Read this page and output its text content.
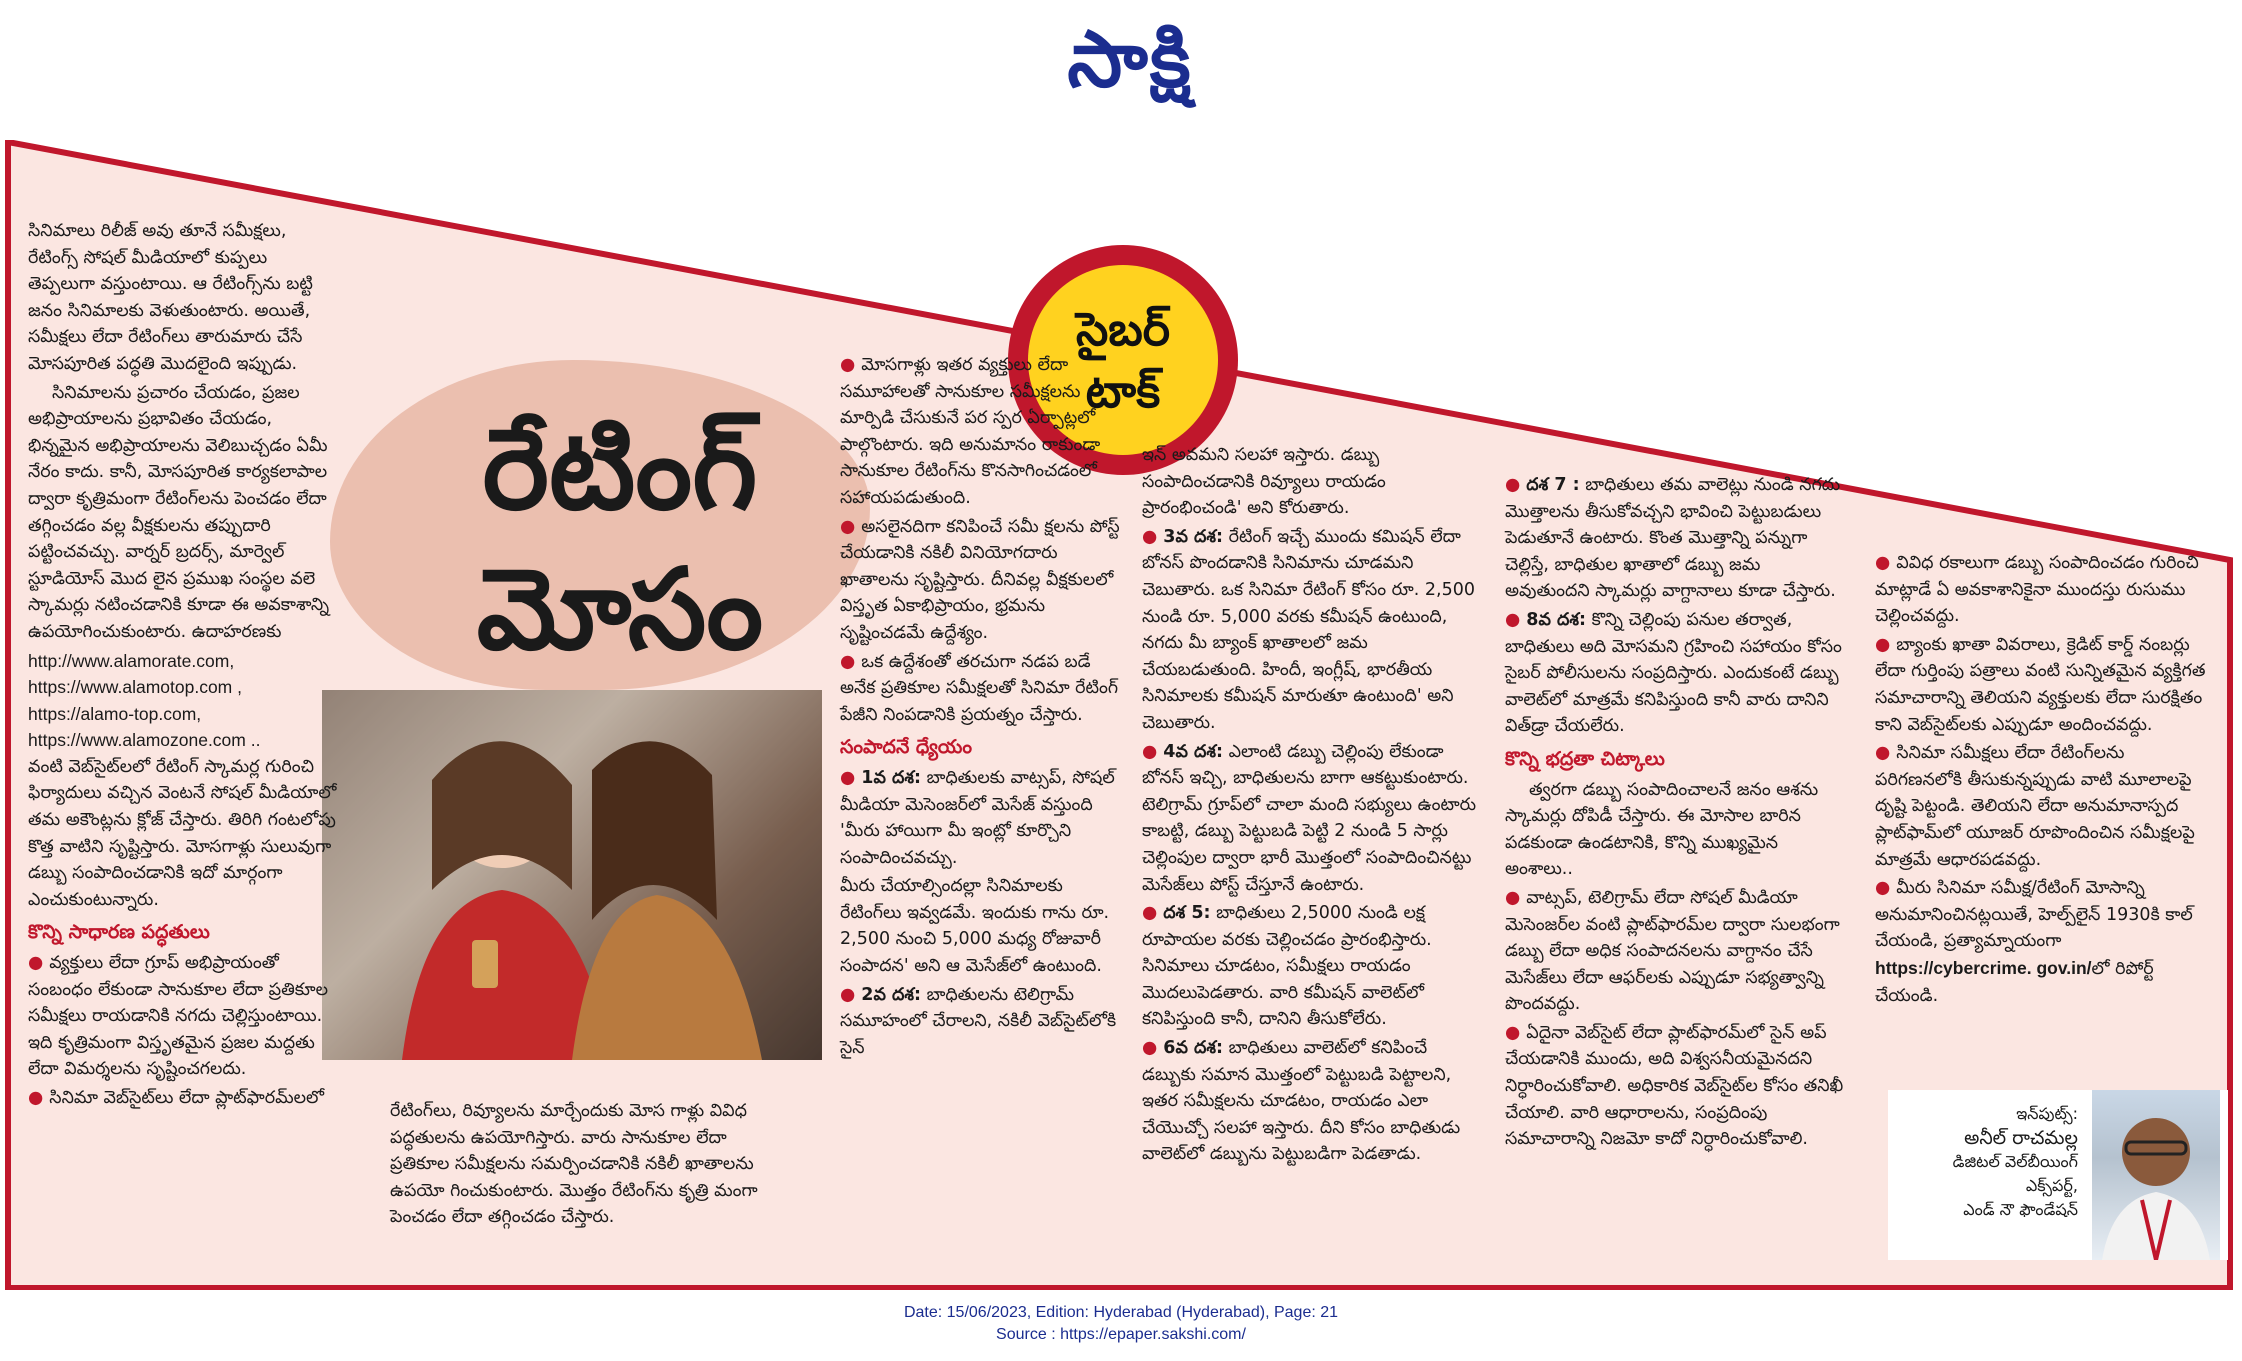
సాక్షి
రేటింగ్
మోసం
సైబర్
టాక్

సినిమాలు రిలీజ్ అవు తూనే సమీక్షలు, రేటింగ్స్ సోషల్ మీడియాలో కుప్పలు తెప్పలుగా వస్తుంటాయి. ఆ రేటింగ్స్‌ను బట్టి జనం సినిమాలకు వెళుతుంటారు. అయితే, సమీక్షలు లేదా రేటింగ్‌లు తారుమారు చేసే మోసపూరిత పద్ధతి మొదలైంది ఇప్పుడు.

సినిమాలను ప్రచారం చేయడం, ప్రజల అభిప్రాయాలను ప్రభావితం చేయడం, భిన్నమైన అభిప్రాయాలను వెలిబుచ్చడం ఏమీ నేరం కాదు. కానీ, మోసపూరిత కార్యకలాపాల ద్వారా కృత్రిమంగా రేటింగ్‌లను పెంచడం లేదా తగ్గించడం వల్ల వీక్షకులను తప్పుదారి పట్టించవచ్చు. వార్నర్ బ్రదర్స్, మార్వెల్ స్టూడియోస్ మొద లైన ప్రముఖ సంస్థల వలె స్కామర్లు నటించడానికి కూడా ఈ అవకాశాన్ని ఉపయోగించుకుంటారు. ఉదాహరణకు

http://www.alamorate.com,
https://www.alamotop.com ,
https://alamo-top.com,
https://www.alamozone.com ..

వంటి వెబ్‌సైట్‌లలో రేటింగ్ స్కామర్ల గురించి ఫిర్యాదులు వచ్చిన వెంటనే సోషల్ మీడియాలో తమ అకౌంట్లను క్లోజ్ చేస్తారు. తిరిగి గంటలోపు కొత్త వాటిని సృష్టిస్తారు. మోసగాళ్లు సులువుగా డబ్బు సంపాదించడానికి ఇదో మార్గంగా ఎంచుకుంటున్నారు.

కొన్ని సాధారణ పద్ధతులు

● వ్యక్తులు లేదా గ్రూప్ అభిప్రాయంతో సంబంధం లేకుండా సానుకూల లేదా ప్రతికూల సమీక్షలు రాయడానికి నగదు చెల్లిస్తుంటాయి. ఇది కృత్రిమంగా విస్తృతమైన ప్రజల మద్దతు లేదా విమర్శలను సృష్టించగలదు.

● సినిమా వెబ్‌సైట్‌లు లేదా ప్లాట్‌ఫారమ్‌లలో

రేటింగ్‌లు, రివ్యూలను మార్చేందుకు మోస గాళ్లు వివిధ పద్ధతులను ఉపయోగిస్తారు. వారు సానుకూల లేదా ప్రతికూల సమీక్షలను సమర్పించడానికి నకిలీ ఖాతాలను ఉపయో గించుకుంటారు. మొత్తం రేటింగ్‌ను కృత్రి మంగా పెంచడం లేదా తగ్గించడం చేస్తారు.

● మోసగాళ్లు ఇతర వ్యక్తులు లేదా సమూహాలతో సానుకూల సమీక్షలను మార్పిడి చేసుకునే పర స్పర ఏర్పాట్లలో పాల్గొంటారు. ఇది అనుమానం రాకుండా సానుకూల రేటింగ్‌ను కొనసాగించడంలో సహాయపడుతుంది.

● అసలైనదిగా కనిపించే సమీ క్షలను పోస్ట్ చేయడానికి నకిలీ వినియోగదారు ఖాతాలను సృష్టిస్తారు. దీనివల్ల వీక్షకులలో విస్తృత ఏకాభిప్రాయం, భ్రమను సృష్టించడమే ఉద్దేశ్యం.

● ఒక ఉద్దేశంతో తరచుగా నడప బడే అనేక ప్రతికూల సమీక్షలతో సినిమా రేటింగ్ పేజీని నింపడానికి ప్రయత్నం చేస్తారు.

సంపాదనే ధ్యేయం

● 1వ దశ: బాధితులకు వాట్సప్, సోషల్ మీడియా మెసెంజర్‌లో మెసేజ్ వస్తుంది 'మీరు హాయిగా మీ ఇంట్లో కూర్చొని సంపాదించవచ్చు.

మీరు చేయాల్సిందల్లా సినిమాలకు రేటింగ్‌లు ఇవ్వడమే. ఇందుకు గాను రూ. 2,500 నుంచి 5,000 మధ్య రోజువారీ సంపాదన' అని ఆ మెసేజ్‌లో ఉంటుంది.

● 2వ దశ: బాధితులను టెలిగ్రామ్ సమూహంలో చేరాలని, నకిలీ వెబ్‌సైట్‌లోకి సైన్

ఇన్ అవమని సలహా ఇస్తారు. డబ్బు సంపాదించడానికి రివ్యూలు రాయడం ప్రారంభించండి' అని కోరుతారు.

● 3వ దశ: రేటింగ్ ఇచ్చే ముందు కమిషన్ లేదా బోనస్ పొందడానికి సినిమాను చూడమని చెబుతారు. ఒక సినిమా రేటింగ్ కోసం రూ. 2,500 నుండి రూ. 5,000 వరకు కమీషన్ ఉంటుంది, నగదు మీ బ్యాంక్ ఖాతాలలో జమ చేయబడుతుంది. హిందీ, ఇంగ్లీష్, భారతీయ సినిమాలకు కమీషన్ మారుతూ ఉంటుంది' అని చెబుతారు.

● 4వ దశ: ఎలాంటి డబ్బు చెల్లింపు లేకుండా బోనస్ ఇచ్చి, బాధితులను బాగా ఆకట్టుకుంటారు. టెలిగ్రామ్ గ్రూప్‌లో చాలా మంది సభ్యులు ఉంటారు కాబట్టి, డబ్బు పెట్టుబడి పెట్టి 2 నుండి 5 సార్లు చెల్లింపుల ద్వారా భారీ మొత్తంలో సంపాదించినట్టు మెసేజ్‌లు పోస్ట్ చేస్తూనే ఉంటారు.

● దశ 5: బాధితులు 2,5000 నుండి లక్ష రూపాయల వరకు చెల్లించడం ప్రారంభిస్తారు. సినిమాలు చూడటం, సమీక్షలు రాయడం మొదలుపెడతారు. వారి కమీషన్ వాలెట్‌లో కనిపిస్తుంది కానీ, దానిని తీసుకోలేరు.

● 6వ దశ: బాధితులు వాలెట్‌లో కనిపించే డబ్బుకు సమాన మొత్తంలో పెట్టుబడి పెట్టాలని, ఇతర సమీక్షలను చూడటం, రాయడం ఎలా చేయొచ్చో సలహా ఇస్తారు. దీని కోసం బాధితుడు వాలెట్‌లో డబ్బును పెట్టుబడిగా పెడతాడు.

● దశ 7 : బాధితులు తమ వాలెట్లు నుండి నగదు మొత్తాలను తీసుకోవచ్చని భావించి పెట్టుబడులు పెడుతూనే ఉంటారు. కొంత మొత్తాన్ని పన్నుగా చెల్లిస్తే, బాధితుల ఖాతాలో డబ్బు జమ అవుతుందని స్కామర్లు వాగ్దానాలు కూడా చేస్తారు.

● 8వ దశ: కొన్ని చెల్లింపు పనుల తర్వాత, బాధితులు అది మోసమని గ్రహించి సహాయం కోసం సైబర్ పోలీసులను సంప్రదిస్తారు. ఎందుకంటే డబ్బు వాలెట్‌లో మాత్రమే కనిపిస్తుంది కానీ వారు దానిని విత్‌డ్రా చేయలేరు.

కొన్ని భద్రతా చిట్కాలు

త్వరగా డబ్బు సంపాదించాలనే జనం ఆశను స్కామర్లు దోపిడీ చేస్తారు. ఈ మోసాల బారిన పడకుండా ఉండటానికి, కొన్ని ముఖ్యమైన అంశాలు..

● వాట్సప్, టెలిగ్రామ్ లేదా సోషల్ మీడియా మెసెంజర్‌ల వంటి ప్లాట్‌ఫారమ్‌ల ద్వారా సులభంగా డబ్బు లేదా అధిక సంపాదనలను వాగ్దానం చేసే మెసేజ్‌లు లేదా ఆఫర్‌లకు ఎప్పుడూ సభ్యత్వాన్ని పొందవద్దు.

● ఏదైనా వెబ్‌సైట్ లేదా ప్లాట్‌ఫారమ్‌లో సైన్ అప్ చేయడానికి ముందు, అది విశ్వసనీయమైనదని నిర్ధారించుకోవాలి. అధికారిక వెబ్‌సైట్‌ల కోసం తనిఖీ చేయాలి. వారి ఆధారాలను, సంప్రదింపు సమాచారాన్ని నిజమో కాదో నిర్ధారించుకోవాలి.

● వివిధ రకాలుగా డబ్బు సంపాదించడం గురించి మాట్లాడే ఏ అవకాశానికైనా ముందస్తు రుసుము చెల్లించవద్దు.

● బ్యాంకు ఖాతా వివరాలు, క్రెడిట్ కార్డ్ నంబర్లు లేదా గుర్తింపు పత్రాలు వంటి సున్నితమైన వ్యక్తిగత సమాచారాన్ని తెలియని వ్యక్తులకు లేదా సురక్షితం కాని వెబ్‌సైట్‌లకు ఎప్పుడూ అందించవద్దు.

● సినిమా సమీక్షలు లేదా రేటింగ్‌లను పరిగణనలోకి తీసుకున్నప్పుడు వాటి మూలాలపై దృష్టి పెట్టండి. తెలియని లేదా అనుమానాస్పద ప్లాట్‌ఫామ్‌లో యూజర్ రూపొందించిన సమీక్షలపై మాత్రమే ఆధారపడవద్దు.

● మీరు సినిమా సమీక్ష/రేటింగ్ మోసాన్ని అనుమానించినట్లయితే, హెల్ప్‌లైన్ 1930కి కాల్ చేయండి, ప్రత్యామ్నాయంగా https://cybercrime. gov.in/లో రిపోర్ట్ చేయండి.

ఇన్‌పుట్స్:
అనీల్ రాచమల్ల
డిజిటల్ వెల్‌బీయింగ్
ఎక్స్‌పర్ట్,
ఎండ్ నౌ ఫౌండేషన్
Date: 15/06/2023, Edition: Hyderabad (Hyderabad), Page: 21
Source : https://epaper.sakshi.com/
